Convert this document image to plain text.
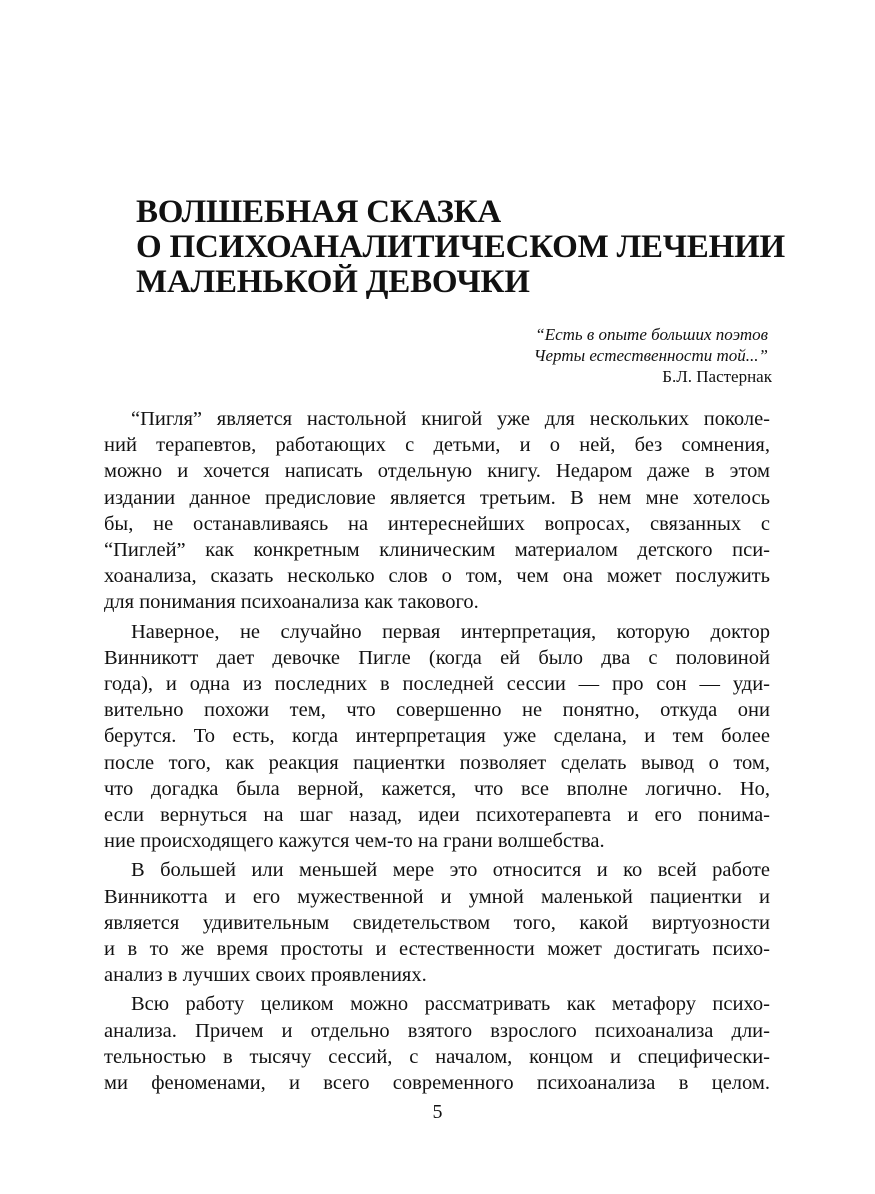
ВОЛШЕБНАЯ СКАЗКА
О ПСИХОАНАЛИТИЧЕСКОМ ЛЕЧЕНИИ
МАЛЕНЬКОЙ ДЕВОЧКИ
“Есть в опыте больших поэтов
Черты естественности той...”
Б.Л. Пастернак

“Пигля” является настольной книгой уже для нескольких поколе-
ний терапевтов, работающих с детьми, и о ней, без сомнения,
можно и хочется написать отдельную книгу. Недаром даже в этом
издании данное предисловие является третьим. В нем мне хотелось
бы, не останавливаясь на интереснейших вопросах, связанных с
“Пиглей” как конкретным клиническим материалом детского пси-
хоанализа, сказать несколько слов о том, чем она может послужить
для понимания психоанализа как такового.

Наверное, не случайно первая интерпретация, которую доктор
Винникотт дает девочке Пигле (когда ей было два с половиной
года), и одна из последних в последней сессии — про сон — уди-
вительно похожи тем, что совершенно не понятно, откуда они
берутся. То есть, когда интерпретация уже сделана, и тем более
после того, как реакция пациентки позволяет сделать вывод о том,
что догадка была верной, кажется, что все вполне логично. Но,
если вернуться на шаг назад, идеи психотерапевта и его понима-
ние происходящего кажутся чем-то на грани волшебства.

В большей или меньшей мере это относится и ко всей работе
Винникотта и его мужественной и умной маленькой пациентки и
является удивительным свидетельством того, какой виртуозности
и в то же время простоты и естественности может достигать психо-
анализ в лучших своих проявлениях.

Всю работу целиком можно рассматривать как метафору психо-
анализа. Причем и отдельно взятого взрослого психоанализа дли-
тельностью в тысячу сессий, с началом, концом и специфически-
ми феноменами, и всего современного психоанализа в целом.

5
